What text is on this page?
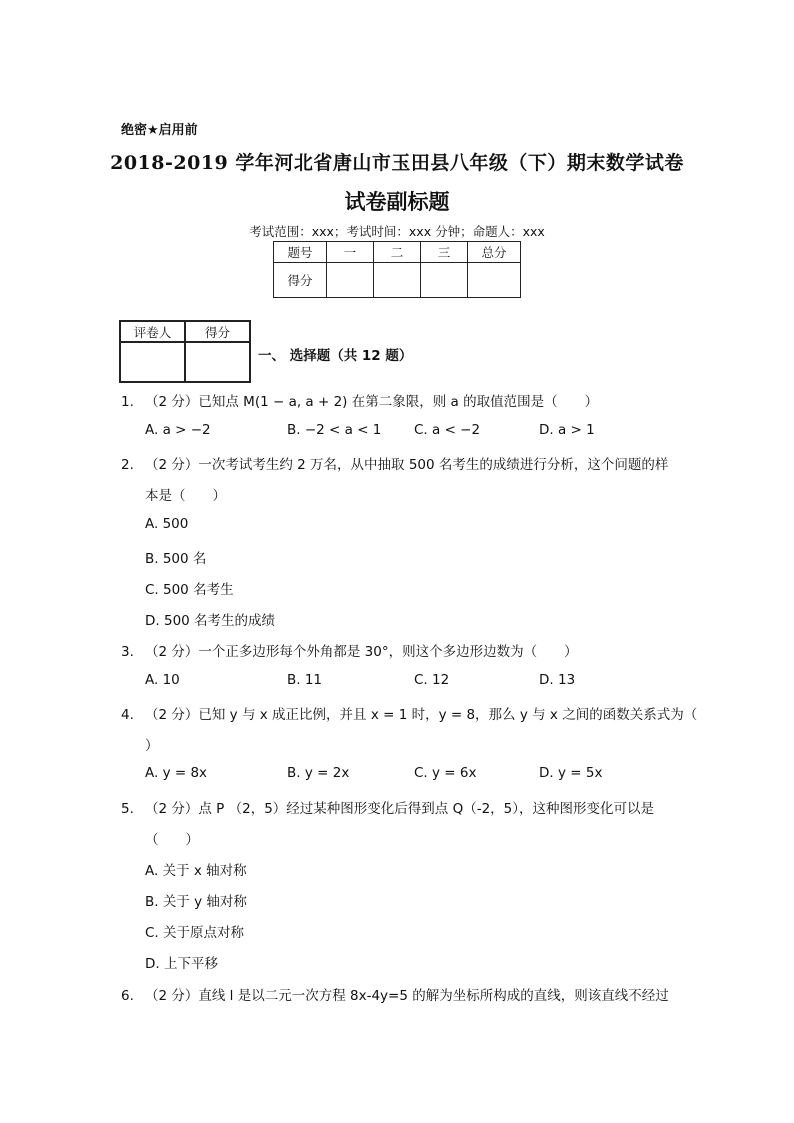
绝密★启用前
2018-2019 学年河北省唐山市玉田县八年级（下）期末数学试卷
试卷副标题
考试范围：xxx；考试时间：xxx 分钟；命题人：xxx
题号	一	二	三	总分
得分				
评卷人	得分

一、 选择题（共 12 题）
1. （2 分）已知点 M(1 − a, a + 2) 在第二象限，则 a 的取值范围是（　　）
A. a > −2	B. −2 < a < 1 C. a < −2	D. a > 1
2. （2 分）一次考试考生约 2 万名，从中抽取 500 名考生的成绩进行分析，这个问题的样
本是（　　）
A. 500
B. 500 名
C. 500 名考生
D. 500 名考生的成绩
3. （2 分）一个正多边形每个外角都是 30°，则这个多边形边数为（　　）
A. 10	B. 11	C. 12	D. 13
4. （2 分）已知 y 与 x 成正比例，并且 x = 1 时，y = 8，那么 y 与 x 之间的函数关系式为（
）
A. y = 8x	B. y = 2x	C. y = 6x	D. y = 5x
5. （2 分）点 P （2，5）经过某种图形变化后得到点 Q（-2，5），这种图形变化可以是
（　　）
A. 关于 x 轴对称
B. 关于 y 轴对称
C. 关于原点对称
D. 上下平移
6. （2 分）直线 l 是以二元一次方程 8x-4y=5 的解为坐标所构成的直线，则该直线不经过
